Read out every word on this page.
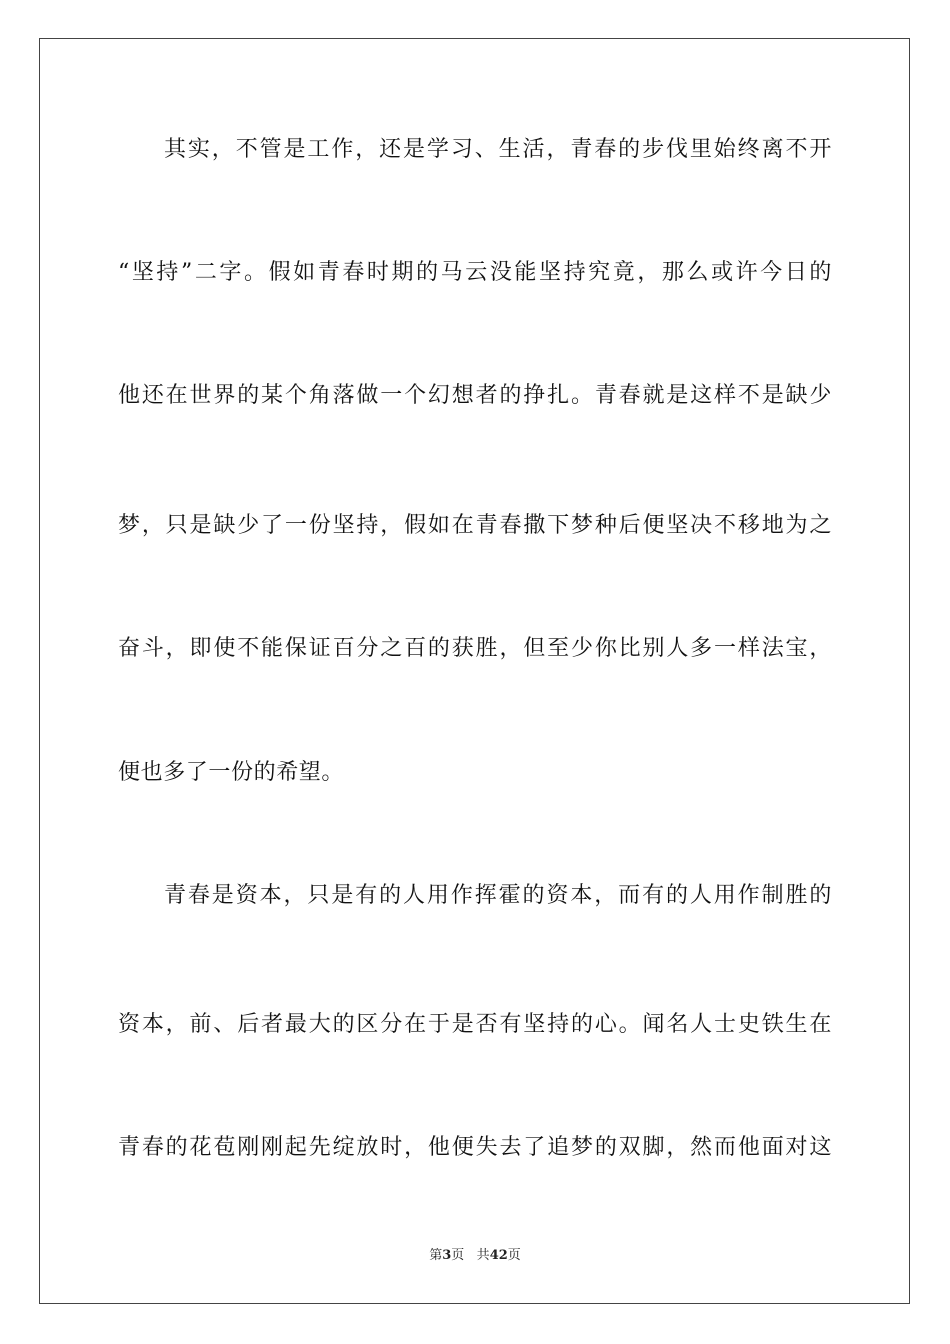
其实，不管是工作，还是学习、生活，青春的步伐里始终离不开
“坚持”二字。假如青春时期的马云没能坚持究竟，那么或许今日的
他还在世界的某个角落做一个幻想者的挣扎。青春就是这样不是缺少
梦，只是缺少了一份坚持，假如在青春撒下梦种后便坚决不移地为之
奋斗，即使不能保证百分之百的获胜，但至少你比别人多一样法宝，
便也多了一份的希望。
青春是资本，只是有的人用作挥霍的资本，而有的人用作制胜的
资本，前、后者最大的区分在于是否有坚持的心。闻名人士史铁生在
青春的花苞刚刚起先绽放时，他便失去了追梦的双脚，然而他面对这
第3页 共42页
